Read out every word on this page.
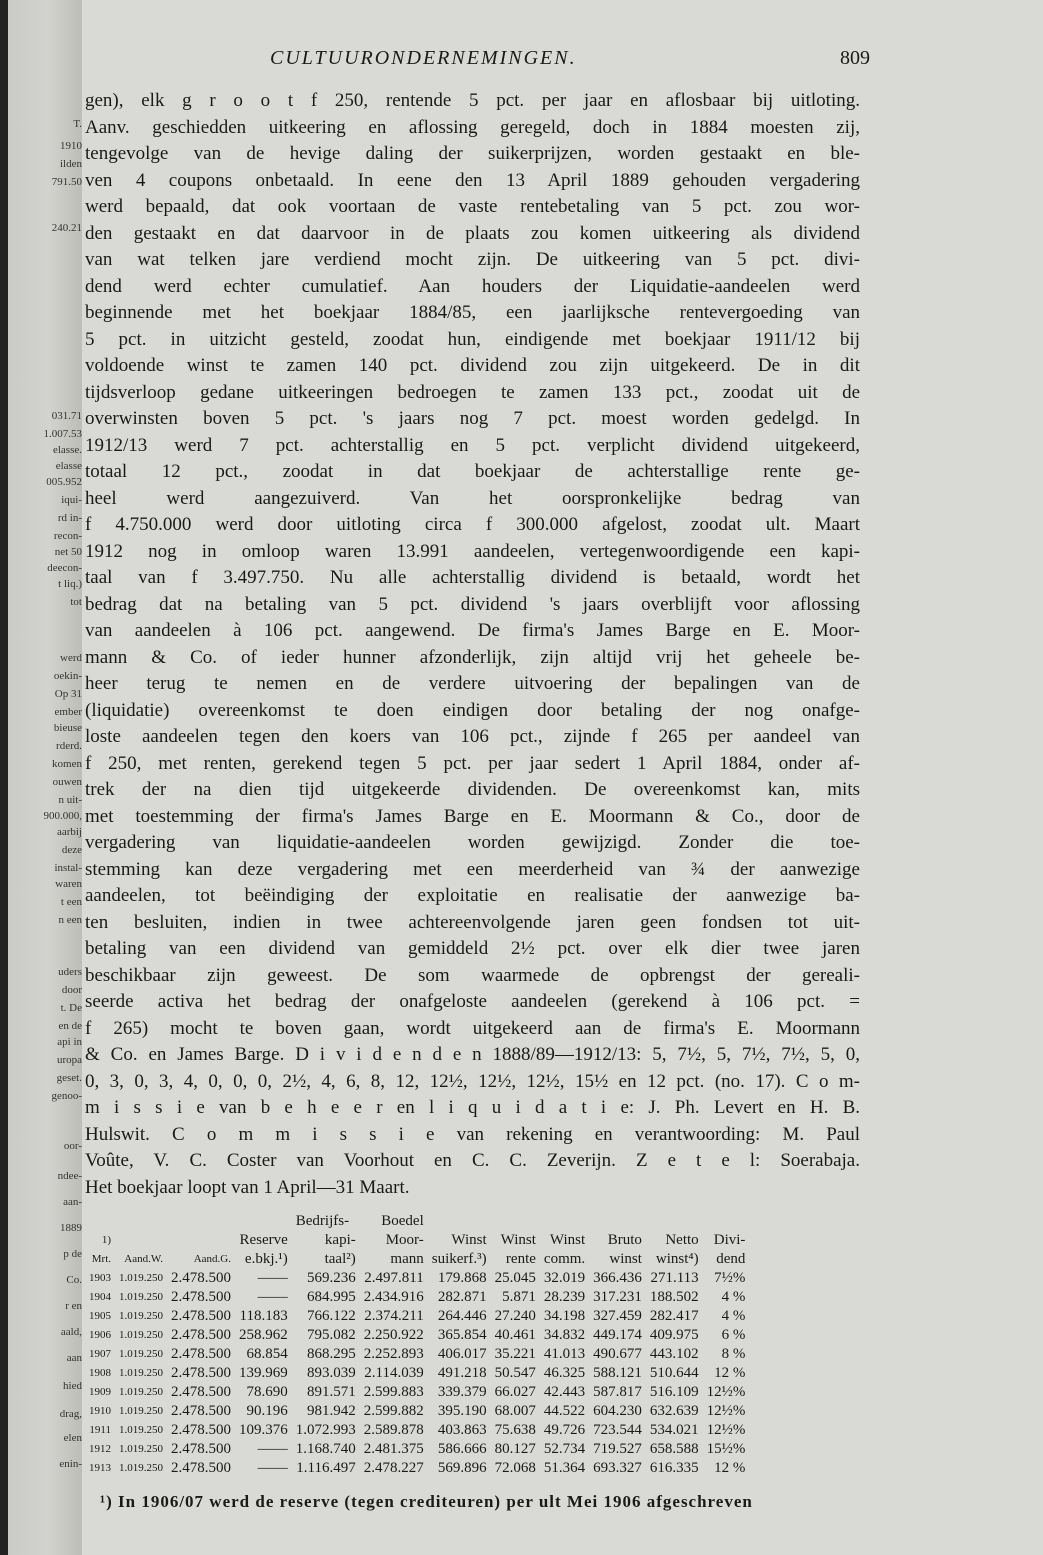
T.
1910
ilden
791.50
240.21
031.71
1.007.53
elasse.
elasse
005.952
iqui-
rd in-
recon-
net 50
deecon-
t liq.)
tot
werd
oekin-
Op 31
ember
bieuse
rderd.
komen
ouwen
n uit-
900.000,
aarbij
deze
instal-
waren
t een
n een
uders
door
t. De
en de
api in
uropa
geset.
genoo-
oor-
ndee-
aan-
1889
p de
Co.
r en
aald,
aan
hied
drag,
elen
enin-
CULTUURONDERNEMINGEN.	809
gen), elk g r o o t f 250, rentende 5 pct. per jaar en aflosbaar bij uitloting.
Aanv. geschiedden uitkeering en aflossing geregeld, doch in 1884 moesten zij,
tengevolge van de hevige daling der suikerprijzen, worden gestaakt en ble-
ven 4 coupons onbetaald. In eene den 13 April 1889 gehouden vergadering
werd bepaald, dat ook voortaan de vaste rentebetaling van 5 pct. zou wor-
den gestaakt en dat daarvoor in de plaats zou komen uitkeering als dividend
van wat telken jare verdiend mocht zijn. De uitkeering van 5 pct. divi-
dend werd echter cumulatief. Aan houders der Liquidatie-aandeelen werd
beginnende met het boekjaar 1884/85, een jaarlijksche rentevergoeding van
5 pct. in uitzicht gesteld, zoodat hun, eindigende met boekjaar 1911/12 bij
voldoende winst te zamen 140 pct. dividend zou zijn uitgekeerd. De in dit
tijdsverloop gedane uitkeeringen bedroegen te zamen 133 pct., zoodat uit de
overwinsten boven 5 pct. 's jaars nog 7 pct. moest worden gedelgd. In
1912/13 werd 7 pct. achterstallig en 5 pct. verplicht dividend uitgekeerd,
totaal 12 pct., zoodat in dat boekjaar de achterstallige rente ge-
heel werd aangezuiverd. Van het oorspronkelijke bedrag van
f 4.750.000 werd door uitloting circa f 300.000 afgelost, zoodat ult. Maart
1912 nog in omloop waren 13.991 aandeelen, vertegenwoordigende een kapi-
taal van f 3.497.750. Nu alle achterstallig dividend is betaald, wordt het
bedrag dat na betaling van 5 pct. dividend 's jaars overblijft voor aflossing
van aandeelen à 106 pct. aangewend. De firma's James Barge en E. Moor-
mann & Co. of ieder hunner afzonderlijk, zijn altijd vrij het geheele be-
heer terug te nemen en de verdere uitvoering der bepalingen van de
(liquidatie) overeenkomst te doen eindigen door betaling der nog onafge-
loste aandeelen tegen den koers van 106 pct., zijnde f 265 per aandeel van
f 250, met renten, gerekend tegen 5 pct. per jaar sedert 1 April 1884, onder af-
trek der na dien tijd uitgekeerde dividenden. De overeenkomst kan, mits
met toestemming der firma's James Barge en E. Moormann & Co., door de
vergadering van liquidatie-aandeelen worden gewijzigd. Zonder die toe-
stemming kan deze vergadering met een meerderheid van ¾ der aanwezige
aandeelen, tot beëindiging der exploitatie en realisatie der aanwezige ba-
ten besluiten, indien in twee achtereenvolgende jaren geen fondsen tot uit-
betaling van een dividend van gemiddeld 2½ pct. over elk dier twee jaren
beschikbaar zijn geweest. De som waarmede de opbrengst der gereali-
seerde activa het bedrag der onafgeloste aandeelen (gerekend à 106 pct. =
f 265) mocht te boven gaan, wordt uitgekeerd aan de firma's E. Moormann
& Co. en James Barge. D i v i d e n d e n 1888/89—1912/13: 5, 7½, 5, 7½, 7½, 5, 0,
0, 3, 0, 3, 4, 0, 0, 0, 2½, 4, 6, 8, 12, 12½, 12½, 12½, 15½ en 12 pct. (no. 17). C o m-
m i s s i e van b e h e e r en l i q u i d a t i e: J. Ph. Levert en H. B.
Hulswit. C o m m i s s i e van rekening en verantwoording: M. Paul
Voûte, V. C. Coster van Voorhout en C. C. Zeverijn. Z e t e l: Soerabaja.
Het boekjaar loopt van 1 April—31 Maart.
				Bedrijfs-	Boedel						
1)			Reserve	kapi-	Moor-	Winst	Winst	Winst	Bruto	Netto	Divi-
Mrt.	Aand.W.	Aand.G.	e.bkj.¹)	taal²)	mann	suikerf.³)	rente	comm.	winst	winst⁴)	dend
1903	1.019.250	2.478.500	——	569.236	2.497.811	179.868	25.045	32.019	366.436	271.113	7½%
1904	1.019.250	2.478.500	——	684.995	2.434.916	282.871	5.871	28.239	317.231	188.502	4 %
1905	1.019.250	2.478.500	118.183	766.122	2.374.211	264.446	27.240	34.198	327.459	282.417	4 %
1906	1.019.250	2.478.500	258.962	795.082	2.250.922	365.854	40.461	34.832	449.174	409.975	6 %
1907	1.019.250	2.478.500	68.854	868.295	2.252.893	406.017	35.221	41.013	490.677	443.102	8 %
1908	1.019.250	2.478.500	139.969	893.039	2.114.039	491.218	50.547	46.325	588.121	510.644	12 %
1909	1.019.250	2.478.500	78.690	891.571	2.599.883	339.379	66.027	42.443	587.817	516.109	12½%
1910	1.019.250	2.478.500	90.196	981.942	2.599.882	395.190	68.007	44.522	604.230	632.639	12½%
1911	1.019.250	2.478.500	109.376	1.072.993	2.589.878	403.863	75.638	49.726	723.544	534.021	12½%
1912	1.019.250	2.478.500	——	1.168.740	2.481.375	586.666	80.127	52.734	719.527	658.588	15½%
1913	1.019.250	2.478.500	——	1.116.497	2.478.227	569.896	72.068	51.364	693.327	616.335	12 %
¹) In 1906/07 werd de reserve (tegen crediteuren) per ult Mei 1906 afgeschreven
